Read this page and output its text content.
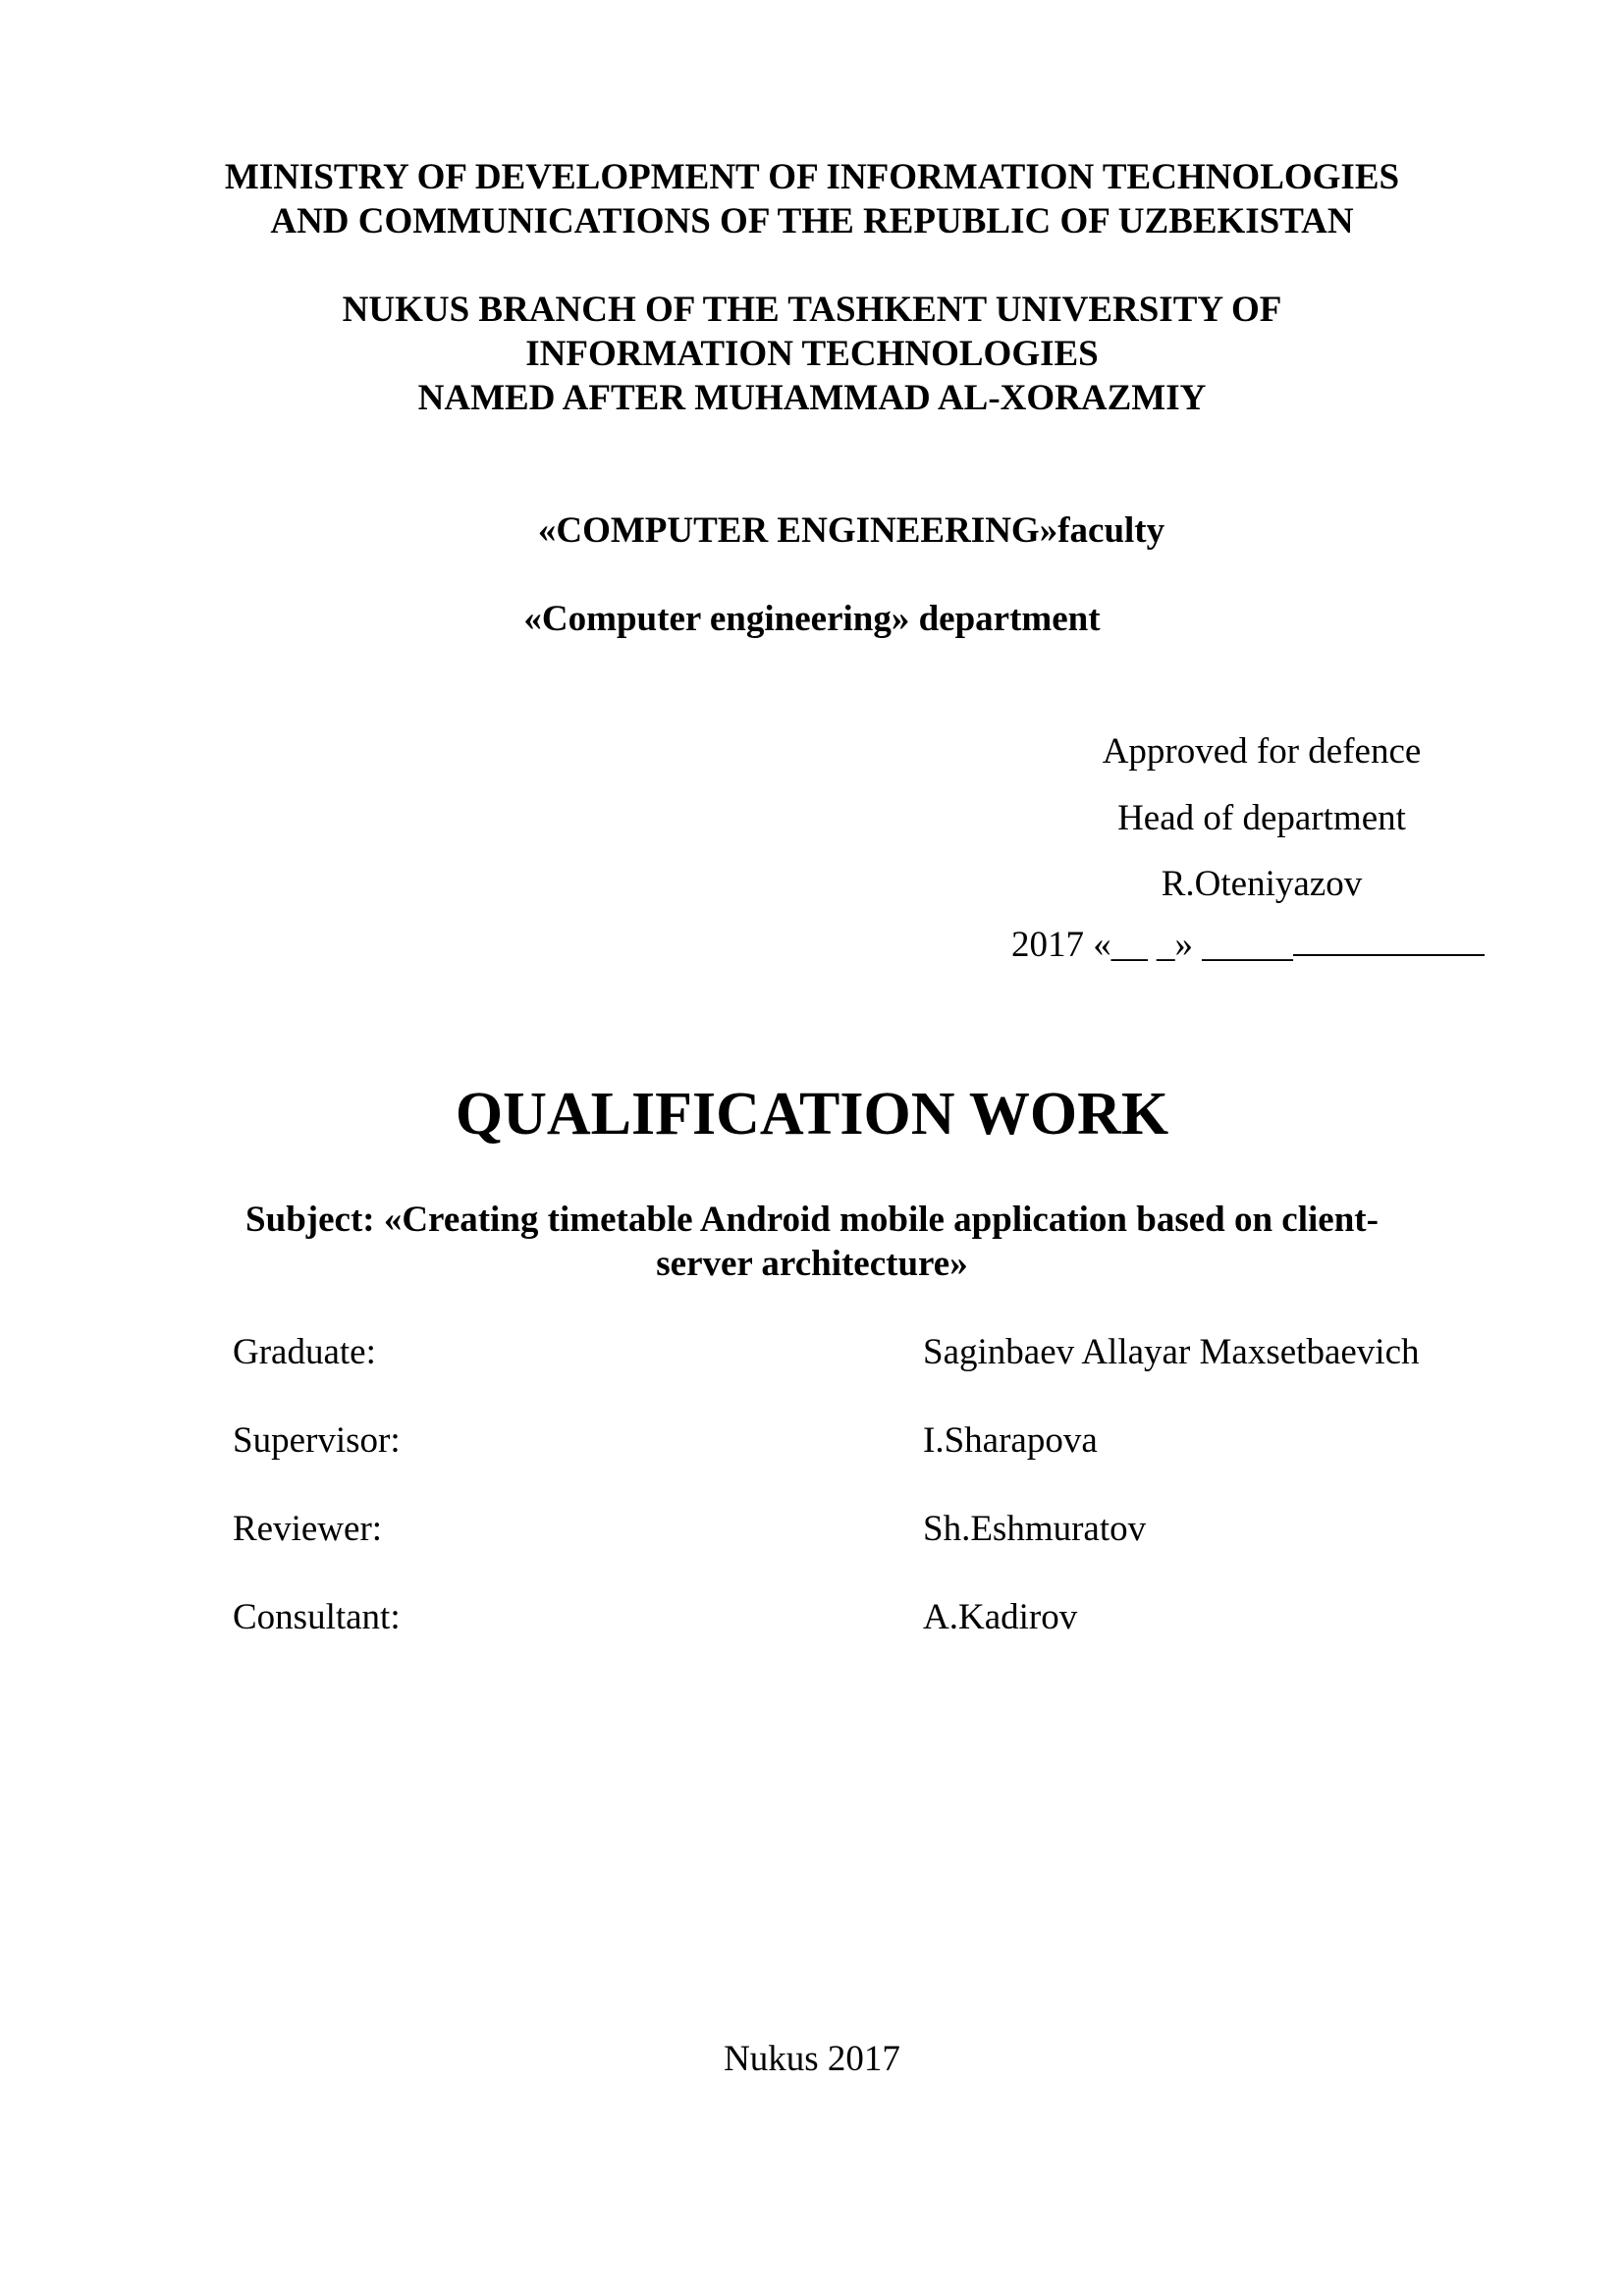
MINISTRY OF DEVELOPMENT OF INFORMATION TECHNOLOGIES
AND COMMUNICATIONS OF THE REPUBLIC OF UZBEKISTAN
NUKUS BRANCH OF THE TASHKENT UNIVERSITY OF
INFORMATION TECHNOLOGIES
NAMED AFTER MUHAMMAD AL-XORAZMIY
«COMPUTER ENGINEERING»faculty
«Computer engineering» department
Approved for defence
Head of department
R.Oteniyazov
2017 «__ _» _____
QUALIFICATION WORK
Subject: «Creating timetable Android mobile application based on client-
server architecture»
Graduate:	Saginbaev Allayar Maxsetbaevich
Supervisor:	I.Sharapova
Reviewer:	Sh.Eshmuratov
Consultant:	A.Kadirov
Nukus 2017
